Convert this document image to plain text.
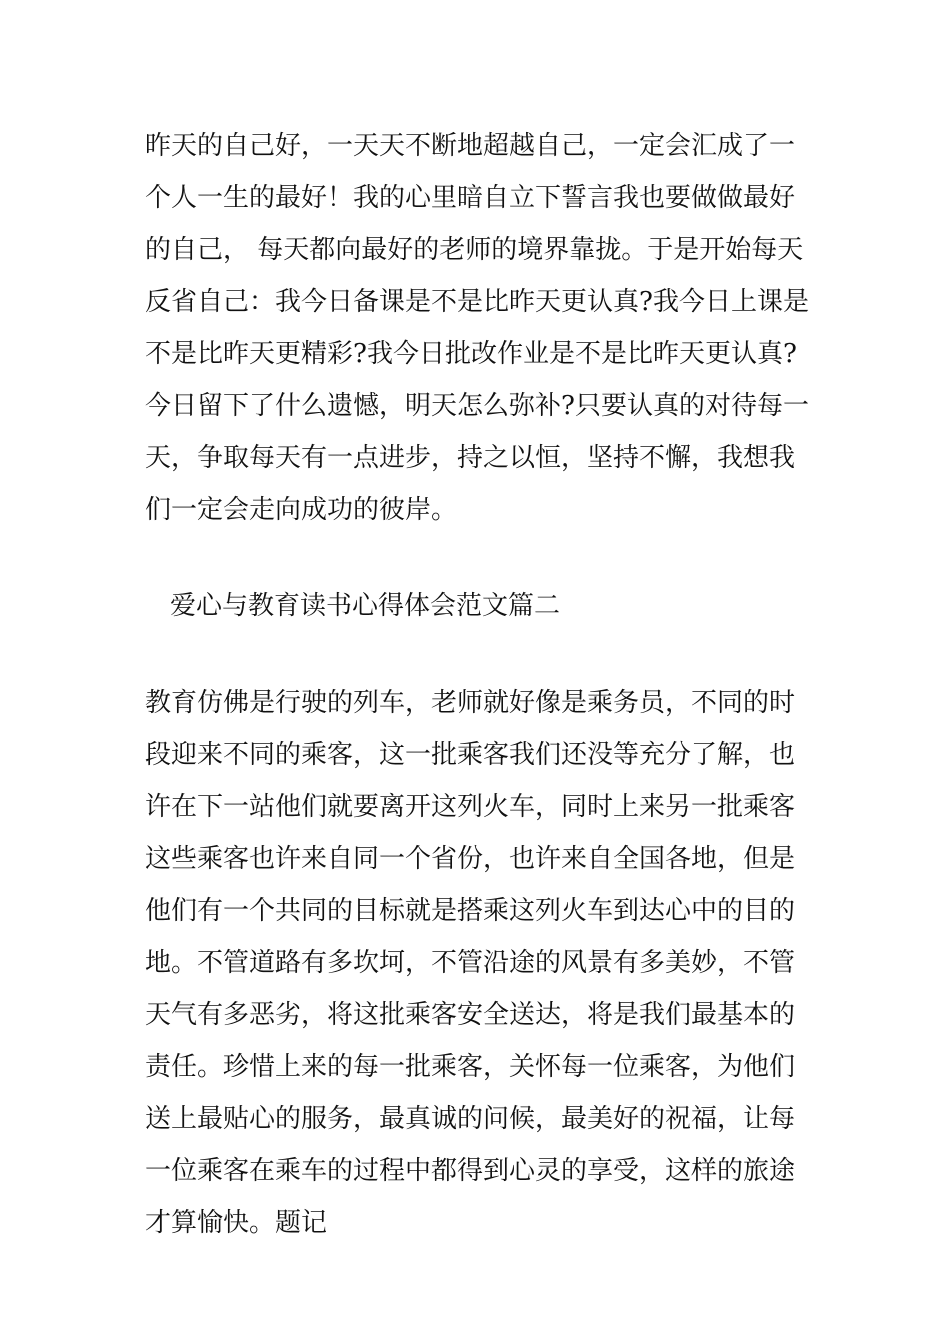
昨天的自己好，一天天不断地超越自己，一定会汇成了一
个人一生的最好！我的心里暗自立下誓言我也要做做最好
的自己， 每天都向最好的老师的境界靠拢。于是开始每天
反省自己：我今日备课是不是比昨天更认真?我今日上课是
不是比昨天更精彩?我今日批改作业是不是比昨天更认真?
今日留下了什么遗憾，明天怎么弥补?只要认真的对待每一
天，争取每天有一点进步，持之以恒，坚持不懈，我想我
们一定会走向成功的彼岸。
爱心与教育读书心得体会范文篇二
教育仿佛是行驶的列车，老师就好像是乘务员，不同的时
段迎来不同的乘客，这一批乘客我们还没等充分了解，也
许在下一站他们就要离开这列火车，同时上来另一批乘客
这些乘客也许来自同一个省份，也许来自全国各地，但是
他们有一个共同的目标就是搭乘这列火车到达心中的目的
地。不管道路有多坎坷，不管沿途的风景有多美妙，不管
天气有多恶劣，将这批乘客安全送达，将是我们最基本的
责任。珍惜上来的每一批乘客，关怀每一位乘客，为他们
送上最贴心的服务，最真诚的问候，最美好的祝福，让每
一位乘客在乘车的过程中都得到心灵的享受，这样的旅途
才算愉快。题记
